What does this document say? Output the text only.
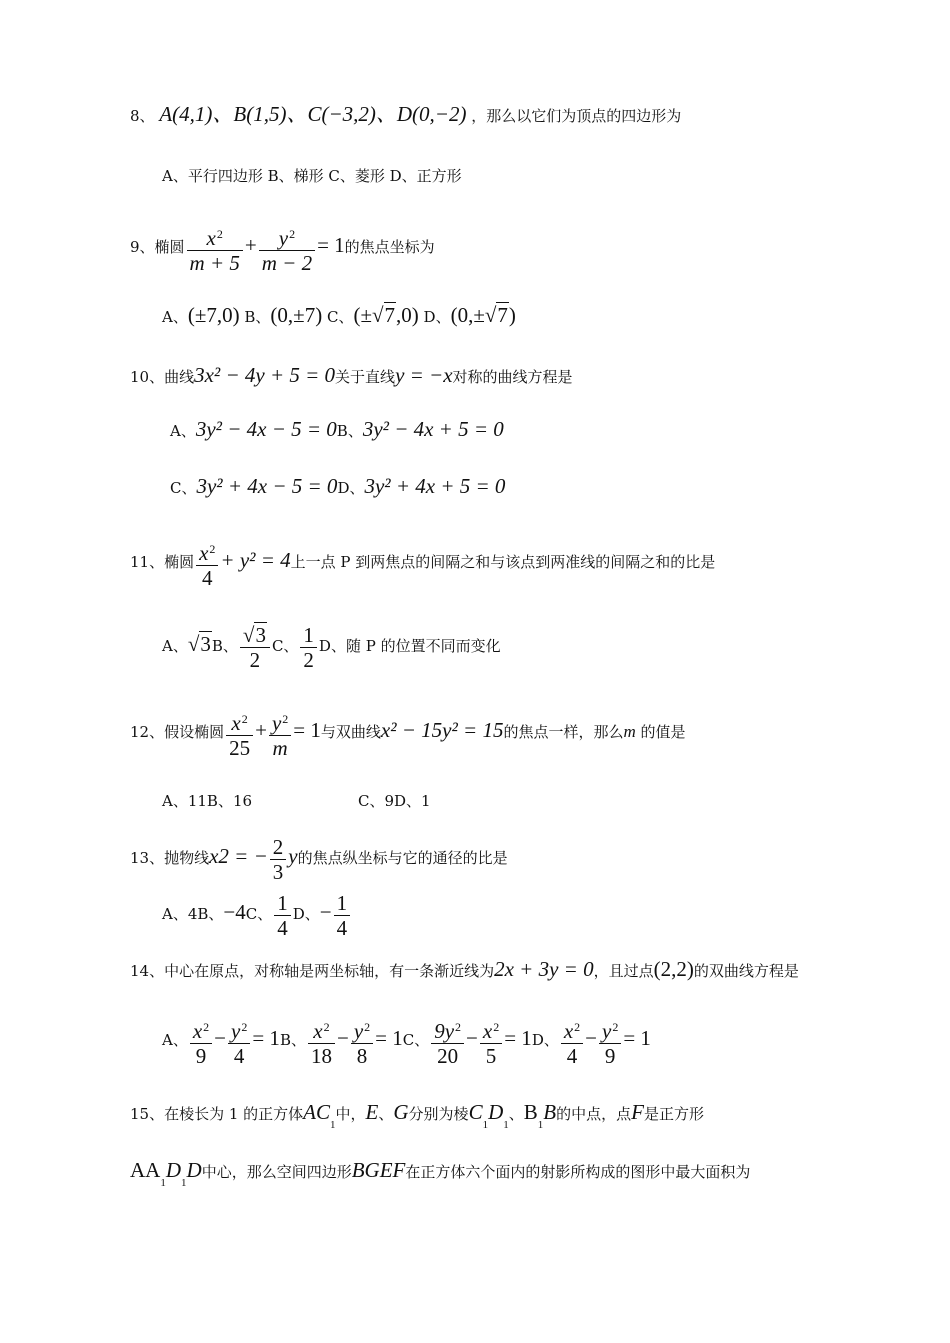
8、 A(4,1)、B(1,5)、C(−3,2)、D(0,−2) ，那么以它们为顶点的四边形为
A、平行四边形 B、梯形 C、菱形 D、正方形
9、椭圆 $\frac{x^2}{m + 5} + \frac{y^2}{m - 2} = 1$的焦点坐标为
A、(±7,0) B、(0,±7) C、(±√7,0) D、(0,±√7)
10、曲线3x² − 4y + 5 = 0关于直线y = −x对称的曲线方程是
A、3y² − 4x − 5 = 0B、3y² − 4x + 5 = 0
C、3y² + 4x − 5 = 0D、3y² + 4x + 5 = 0
11、椭圆 $\frac{x^2}{4} + y^2 = 4$上一点 P 到两焦点的间隔之和与该点到两准线的间隔之和的比是
A、√3B、 $\frac{√3}{2}$ C、 $\frac{1}{2}$ D、随 P 的位置不同而变化
12、假设椭圆 $\frac{x^2}{25} + \frac{y^2}{m} = 1$与双曲线x² − 15y² = 15的焦点一样，那么m 的值是
A、11B、16	C、9D、1
13、抛物线x2 = − $\frac{2}{3}$ y的焦点纵坐标与它的通径的比是
A、4B、−4C、 $\frac{1}{4}$ D、− $\frac{1}{4}$
14、中心在原点，对称轴是两坐标轴，有一条渐近线为2x + 3y = 0，且过点(2,2)的双曲线方程是
A、 $\frac{x^2}{9} - \frac{y^2}{4} = 1B$、 $\frac{x^2}{18} - \frac{y^2}{8} = 1C$、 $\frac{9y^2}{20} - \frac{x^2}{5} = 1D$、 $\frac{x^2}{4} - \frac{y^2}{9} = 1$
15、在棱长为 1 的正方体$AC_1$中，E、G分别为棱$C_1D_1$、$B_1B$的中点，点F是正方形
$AA_1D_1D$中心，那么空间四边形BGEF在正方体六个面内的射影所构成的图形中最大面积为
